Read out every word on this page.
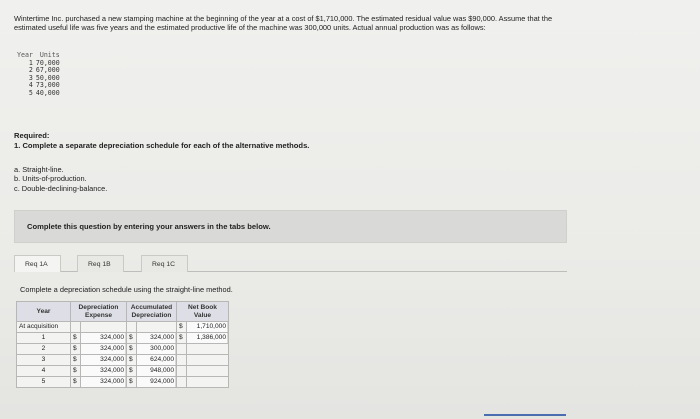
Wintertime Inc. purchased a new stamping machine at the beginning of the year at a cost of $1,710,000. The estimated residual value was $90,000. Assume that the estimated useful life was five years and the estimated productive life of the machine was 300,000 units. Actual annual production was as follows:
Year	Units
1	70,000
2	67,000
3	50,000
4	73,000
5	40,000
Required:
1. Complete a separate depreciation schedule for each of the alternative methods.
a. Straight-line.
b. Units-of-production.
c. Double-declining-balance.
Complete this question by entering your answers in the tabs below.
Req 1A	Req 1B	Req 1C
Complete a depreciation schedule using the straight-line method.
Year	Depreciation Expense		Accumulated Depreciation		Net Book Value	
At acquisition					$	1,710,000
1	$	324,000	$	324,000	$	1,386,000
2	$	324,000	$	300,000		
3	$	324,000	$	624,000		
4	$	324,000	$	948,000		
5	$	324,000	$	924,000		
